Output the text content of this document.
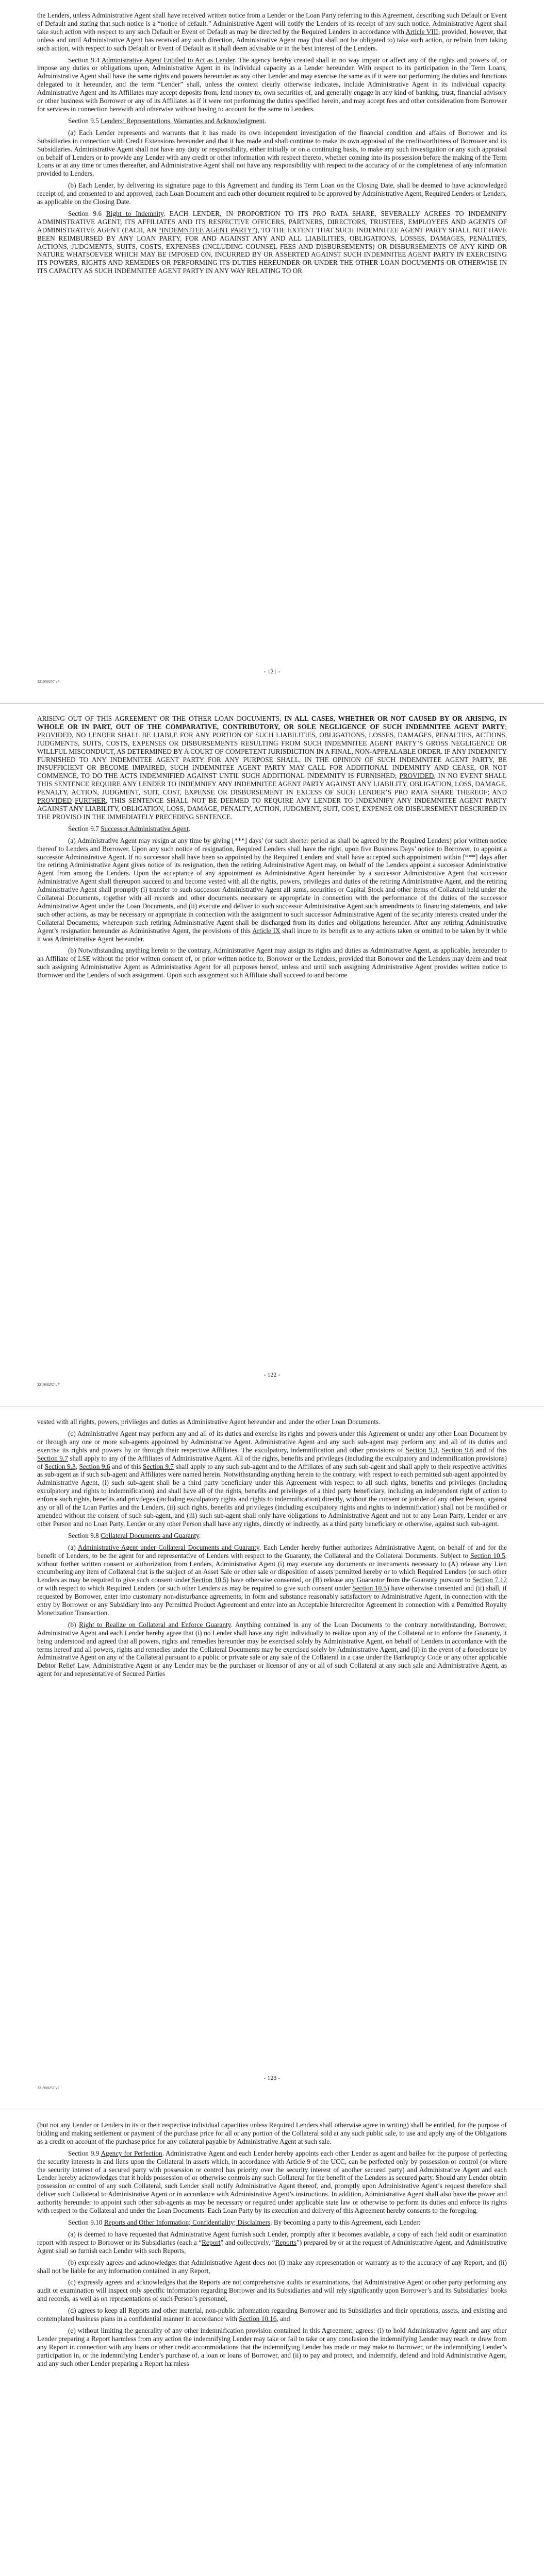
the Lenders, unless Administrative Agent shall have received written notice from a Lender or the Loan Party referring to this Agreement, describing such Default or Event of Default and stating that such notice is a “notice of default.” Administrative Agent will notify the Lenders of its receipt of any such notice. Administrative Agent shall take such action with respect to any such Default or Event of Default as may be directed by the Required Lenders in accordance with Article VIII; provided, however, that unless and until Administrative Agent has received any such direction, Administrative Agent may (but shall not be obligated to) take such action, or refrain from taking such action, with respect to such Default or Event of Default as it shall deem advisable or in the best interest of the Lenders.

Section 9.4 Administrative Agent Entitled to Act as Lender. The agency hereby created shall in no way impair or affect any of the rights and powers of, or impose any duties or obligations upon, Administrative Agent in its individual capacity as a Lender hereunder. With respect to its participation in the Term Loans, Administrative Agent shall have the same rights and powers hereunder as any other Lender and may exercise the same as if it were not performing the duties and functions delegated to it hereunder, and the term “Lender” shall, unless the context clearly otherwise indicates, include Administrative Agent in its individual capacity. Administrative Agent and its Affiliates may accept deposits from, lend money to, own securities of, and generally engage in any kind of banking, trust, financial advisory or other business with Borrower or any of its Affiliates as if it were not performing the duties specified herein, and may accept fees and other consideration from Borrower for services in connection herewith and otherwise without having to account for the same to Lenders.

Section 9.5 Lenders’ Representations, Warranties and Acknowledgment.

(a) Each Lender represents and warrants that it has made its own independent investigation of the financial condition and affairs of Borrower and its Subsidiaries in connection with Credit Extensions hereunder and that it has made and shall continue to make its own appraisal of the creditworthiness of Borrower and its Subsidiaries. Administrative Agent shall not have any duty or responsibility, either initially or on a continuing basis, to make any such investigation or any such appraisal on behalf of Lenders or to provide any Lender with any credit or other information with respect thereto, whether coming into its possession before the making of the Term Loans or at any time or times thereafter, and Administrative Agent shall not have any responsibility with respect to the accuracy of or the completeness of any information provided to Lenders.

(b) Each Lender, by delivering its signature page to this Agreement and funding its Term Loan on the Closing Date, shall be deemed to have acknowledged receipt of, and consented to and approved, each Loan Document and each other document required to be approved by Administrative Agent, Required Lenders or Lenders, as applicable on the Closing Date.

Section 9.6 Right to Indemnity. EACH LENDER, IN PROPORTION TO ITS PRO RATA SHARE, SEVERALLY AGREES TO INDEMNIFY ADMINISTRATIVE AGENT, ITS AFFILIATES AND ITS RESPECTIVE OFFICERS, PARTNERS, DIRECTORS, TRUSTEES, EMPLOYEES AND AGENTS OF ADMINISTRATIVE AGENT (EACH, AN “INDEMNITEE AGENT PARTY”), TO THE EXTENT THAT SUCH INDEMNITEE AGENT PARTY SHALL NOT HAVE BEEN REIMBURSED BY ANY LOAN PARTY, FOR AND AGAINST ANY AND ALL LIABILITIES, OBLIGATIONS, LOSSES, DAMAGES, PENALTIES, ACTIONS, JUDGMENTS, SUITS, COSTS, EXPENSES (INCLUDING COUNSEL FEES AND DISBURSEMENTS) OR DISBURSEMENTS OF ANY KIND OR NATURE WHATSOEVER WHICH MAY BE IMPOSED ON, INCURRED BY OR ASSERTED AGAINST SUCH INDEMNITEE AGENT PARTY IN EXERCISING ITS POWERS, RIGHTS AND REMEDIES OR PERFORMING ITS DUTIES HEREUNDER OR UNDER THE OTHER LOAN DOCUMENTS OR OTHERWISE IN ITS CAPACITY AS SUCH INDEMNITEE AGENT PARTY IN ANY WAY RELATING TO OR

- 121 -
321988257 v7

ARISING OUT OF THIS AGREEMENT OR THE OTHER LOAN DOCUMENTS, IN ALL CASES, WHETHER OR NOT CAUSED BY OR ARISING, IN WHOLE OR IN PART, OUT OF THE COMPARATIVE, CONTRIBUTORY, OR SOLE NEGLIGENCE OF SUCH INDEMNITEE AGENT PARTY; PROVIDED, NO LENDER SHALL BE LIABLE FOR ANY PORTION OF SUCH LIABILITIES, OBLIGATIONS, LOSSES, DAMAGES, PENALTIES, ACTIONS, JUDGMENTS, SUITS, COSTS, EXPENSES OR DISBURSEMENTS RESULTING FROM SUCH INDEMNITEE AGENT PARTY’S GROSS NEGLIGENCE OR WILLFUL MISCONDUCT, AS DETERMINED BY A COURT OF COMPETENT JURISDICTION IN A FINAL, NON-APPEALABLE ORDER. IF ANY INDEMNITY FURNISHED TO ANY INDEMNITEE AGENT PARTY FOR ANY PURPOSE SHALL, IN THE OPINION OF SUCH INDEMNITEE AGENT PARTY, BE INSUFFICIENT OR BECOME IMPAIRED, SUCH INDEMNITEE AGENT PARTY MAY CALL FOR ADDITIONAL INDEMNITY AND CEASE, OR NOT COMMENCE, TO DO THE ACTS INDEMNIFIED AGAINST UNTIL SUCH ADDITIONAL INDEMNITY IS FURNISHED; PROVIDED, IN NO EVENT SHALL THIS SENTENCE REQUIRE ANY LENDER TO INDEMNIFY ANY INDEMNITEE AGENT PARTY AGAINST ANY LIABILITY, OBLIGATION, LOSS, DAMAGE, PENALTY, ACTION, JUDGMENT, SUIT, COST, EXPENSE OR DISBURSEMENT IN EXCESS OF SUCH LENDER’S PRO RATA SHARE THEREOF; AND PROVIDED FURTHER, THIS SENTENCE SHALL NOT BE DEEMED TO REQUIRE ANY LENDER TO INDEMNIFY ANY INDEMNITEE AGENT PARTY AGAINST ANY LIABILITY, OBLIGATION, LOSS, DAMAGE, PENALTY, ACTION, JUDGMENT, SUIT, COST, EXPENSE OR DISBURSEMENT DESCRIBED IN THE PROVISO IN THE IMMEDIATELY PRECEDING SENTENCE.

Section 9.7 Successor Administrative Agent.

(a) Administrative Agent may resign at any time by giving [***] days’ (or such shorter period as shall be agreed by the Required Lenders) prior written notice thereof to Lenders and Borrower. Upon any such notice of resignation, Required Lenders shall have the right, upon five Business Days’ notice to Borrower, to appoint a successor Administrative Agent. If no successor shall have been so appointed by the Required Lenders and shall have accepted such appointment within [***] days after the retiring Administrative Agent gives notice of its resignation, then the retiring Administrative Agent may, on behalf of the Lenders appoint a successor Administrative Agent from among the Lenders. Upon the acceptance of any appointment as Administrative Agent hereunder by a successor Administrative Agent that successor Administrative Agent shall thereupon succeed to and become vested with all the rights, powers, privileges and duties of the retiring Administrative Agent, and the retiring Administrative Agent shall promptly (i) transfer to such successor Administrative Agent all sums, securities or Capital Stock and other items of Collateral held under the Collateral Documents, together with all records and other documents necessary or appropriate in connection with the performance of the duties of the successor Administrative Agent under the Loan Documents, and (ii) execute and deliver to such successor Administrative Agent such amendments to financing statements, and take such other actions, as may be necessary or appropriate in connection with the assignment to such successor Administrative Agent of the security interests created under the Collateral Documents, whereupon such retiring Administrative Agent shall be discharged from its duties and obligations hereunder. After any retiring Administrative Agent’s resignation hereunder as Administrative Agent, the provisions of this Article IX shall inure to its benefit as to any actions taken or omitted to be taken by it while it was Administrative Agent hereunder.

(b) Notwithstanding anything herein to the contrary, Administrative Agent may assign its rights and duties as Administrative Agent, as applicable, hereunder to an Affiliate of LSE without the prior written consent of, or prior written notice to, Borrower or the Lenders; provided that Borrower and the Lenders may deem and treat such assigning Administrative Agent as Administrative Agent for all purposes hereof, unless and until such assigning Administrative Agent provides written notice to Borrower and the Lenders of such assignment. Upon such assignment such Affiliate shall succeed to and become

- 122 -
321988257 v7

vested with all rights, powers, privileges and duties as Administrative Agent hereunder and under the other Loan Documents.

(c) Administrative Agent may perform any and all of its duties and exercise its rights and powers under this Agreement or under any other Loan Document by or through any one or more sub-agents appointed by Administrative Agent. Administrative Agent and any such sub-agent may perform any and all of its duties and exercise its rights and powers by or through their respective Affiliates. The exculpatory, indemnification and other provisions of Section 9.3, Section 9.6 and of this Section 9.7 shall apply to any of the Affiliates of Administrative Agent. All of the rights, benefits and privileges (including the exculpatory and indemnification provisions) of Section 9.3, Section 9.6 and of this Section 9.7 shall apply to any such sub-agent and to the Affiliates of any such sub-agent and shall apply to their respective activities as sub-agent as if such sub-agent and Affiliates were named herein. Notwithstanding anything herein to the contrary, with respect to each permitted sub-agent appointed by Administrative Agent, (i) such sub-agent shall be a third party beneficiary under this Agreement with respect to all such rights, benefits and privileges (including exculpatory and rights to indemnification) and shall have all of the rights, benefits and privileges of a third party beneficiary, including an independent right of action to enforce such rights, benefits and privileges (including exculpatory rights and rights to indemnification) directly, without the consent or joinder of any other Person, against any or all of the Loan Parties and the Lenders, (ii) such rights, benefits and privileges (including exculpatory rights and rights to indemnification) shall not be modified or amended without the consent of such sub-agent, and (iii) such sub-agent shall only have obligations to Administrative Agent and not to any Loan Party, Lender or any other Person and no Loan Party, Lender or any other Person shall have any rights, directly or indirectly, as a third party beneficiary or otherwise, against such sub-agent.

Section 9.8 Collateral Documents and Guaranty.

(a) Administrative Agent under Collateral Documents and Guaranty. Each Lender hereby further authorizes Administrative Agent, on behalf of and for the benefit of Lenders, to be the agent for and representative of Lenders with respect to the Guaranty, the Collateral and the Collateral Documents. Subject to Section 10.5, without further written consent or authorization from Lenders, Administrative Agent (i) may execute any documents or instruments necessary to (A) release any Lien encumbering any item of Collateral that is the subject of an Asset Sale or other sale or disposition of assets permitted hereby or to which Required Lenders (or such other Lenders as may be required to give such consent under Section 10.5) have otherwise consented, or (B) release any Guarantor from the Guaranty pursuant to Section 7.12 or with respect to which Required Lenders (or such other Lenders as may be required to give such consent under Section 10.5) have otherwise consented and (ii) shall, if requested by Borrower, enter into customary non-disturbance agreements, in form and substance reasonably satisfactory to Administrative Agent, in connection with the entry by Borrower or any Subsidiary into any Permitted Product Agreement and enter into an Acceptable Intercreditor Agreement in connection with a Permitted Royalty Monetization Transaction.

(b) Right to Realize on Collateral and Enforce Guaranty. Anything contained in any of the Loan Documents to the contrary notwithstanding, Borrower, Administrative Agent and each Lender hereby agree that (i) no Lender shall have any right individually to realize upon any of the Collateral or to enforce the Guaranty, it being understood and agreed that all powers, rights and remedies hereunder may be exercised solely by Administrative Agent, on behalf of Lenders in accordance with the terms hereof and all powers, rights and remedies under the Collateral Documents may be exercised solely by Administrative Agent, and (ii) in the event of a foreclosure by Administrative Agent on any of the Collateral pursuant to a public or private sale or any sale of the Collateral in a case under the Bankruptcy Code or any other applicable Debtor Relief Law, Administrative Agent or any Lender may be the purchaser or licensor of any or all of such Collateral at any such sale and Administrative Agent, as agent for and representative of Secured Parties

- 123 -
321988257 v7

(but not any Lender or Lenders in its or their respective individual capacities unless Required Lenders shall otherwise agree in writing) shall be entitled, for the purpose of bidding and making settlement or payment of the purchase price for all or any portion of the Collateral sold at any such public sale, to use and apply any of the Obligations as a credit on account of the purchase price for any collateral payable by Administrative Agent at such sale.

Section 9.9 Agency for Perfection. Administrative Agent and each Lender hereby appoints each other Lender as agent and bailee for the purpose of perfecting the security interests in and liens upon the Collateral in assets which, in accordance with Article 9 of the UCC, can be perfected only by possession or control (or where the security interest of a secured party with possession or control has priority over the security interest of another secured party) and Administrative Agent and each Lender hereby acknowledges that it holds possession of or otherwise controls any such Collateral for the benefit of the Lenders as secured party. Should any Lender obtain possession or control of any such Collateral, such Lender shall notify Administrative Agent thereof, and, promptly upon Administrative Agent’s request therefore shall deliver such Collateral to Administrative Agent or in accordance with Administrative Agent’s instructions. In addition, Administrative Agent shall also have the power and authority hereunder to appoint such other sub-agents as may be necessary or required under applicable state law or otherwise to perform its duties and enforce its rights with respect to the Collateral and under the Loan Documents. Each Loan Party by its execution and delivery of this Agreement hereby consents to the foregoing.

Section 9.10 Reports and Other Information; Confidentiality; Disclaimers. By becoming a party to this Agreement, each Lender:

(a) is deemed to have requested that Administrative Agent furnish such Lender, promptly after it becomes available, a copy of each field audit or examination report with respect to Borrower or its Subsidiaries (each a “Report” and collectively, “Reports”) prepared by or at the request of Administrative Agent, and Administrative Agent shall so furnish each Lender with such Reports,

(b) expressly agrees and acknowledges that Administrative Agent does not (i) make any representation or warranty as to the accuracy of any Report, and (ii) shall not be liable for any information contained in any Report,

(c) expressly agrees and acknowledges that the Reports are not comprehensive audits or examinations, that Administrative Agent or other party performing any audit or examination will inspect only specific information regarding Borrower and its Subsidiaries and will rely significantly upon Borrower’s and its Subsidiaries’ books and records, as well as on representations of such Person’s personnel,

(d) agrees to keep all Reports and other material, non-public information regarding Borrower and its Subsidiaries and their operations, assets, and existing and contemplated business plans in a confidential manner in accordance with Section 10.16, and

(e) without limiting the generality of any other indemnification provision contained in this Agreement, agrees: (i) to hold Administrative Agent and any other Lender preparing a Report harmless from any action the indemnifying Lender may take or fail to take or any conclusion the indemnifying Lender may reach or draw from any Report in connection with any loans or other credit accommodations that the indemnifying Lender has made or may make to Borrower, or the indemnifying Lender’s participation in, or the indemnifying Lender’s purchase of, a loan or loans of Borrower, and (ii) to pay and protect, and indemnify, defend and hold Administrative Agent, and any such other Lender preparing a Report harmless
